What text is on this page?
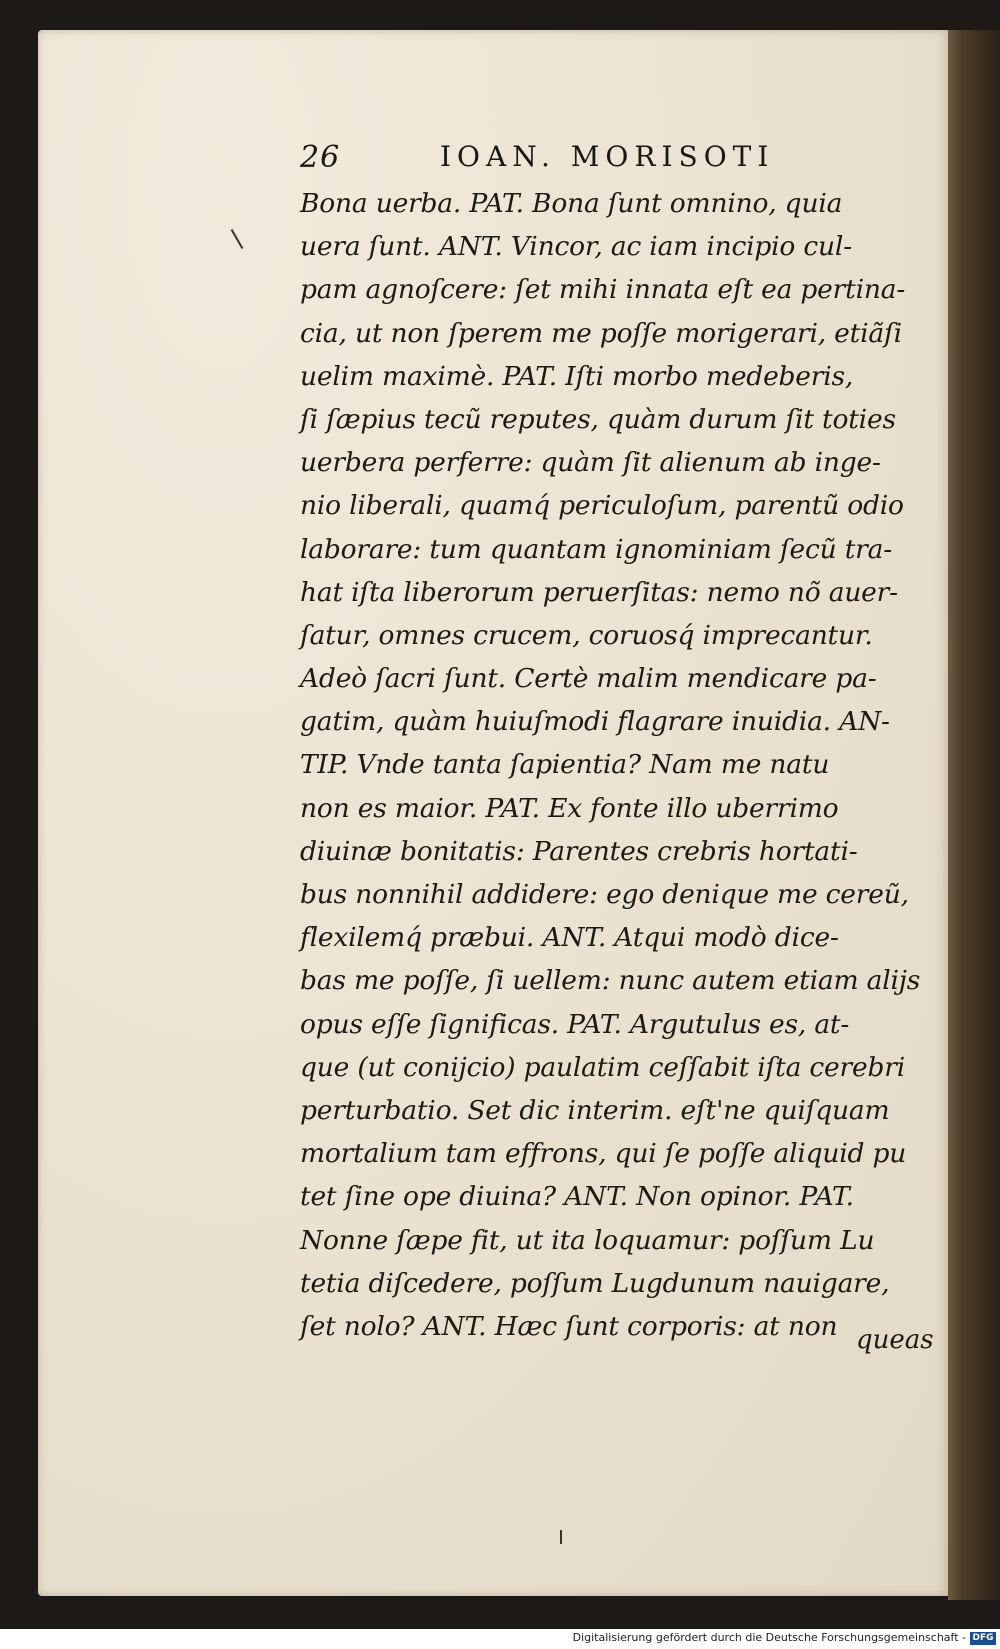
26	IOAN. MORISOTI
Bona uerba. PAT. Bona ſunt omnino, quia
uera ſunt. ANT. Vincor, ac iam incipio cul-
pam agnoſcere: ſet mihi innata eſt ea pertina-
cia, ut non ſperem me poſſe morigerari, etiãſi
uelim maximè. PAT. Iſti morbo medeberis,
ſi ſæpius tecũ reputes, quàm durum ſit toties
uerbera perferre: quàm ſit alienum ab inge-
nio liberali, quamq́ periculoſum, parentũ odio
laborare: tum quantam ignominiam ſecũ tra-
hat iſta liberorum peruerſitas: nemo nõ auer-
ſatur, omnes crucem, coruosq́ imprecantur.
Adeò ſacri ſunt. Certè malim mendicare pa-
gatim, quàm huiuſmodi flagrare inuidia. AN-
TIP. Vnde tanta ſapientia? Nam me natu
non es maior. PAT. Ex fonte illo uberrimo
diuinæ bonitatis: Parentes crebris hortati-
bus nonnihil addidere: ego denique me cereũ,
flexilemq́ præbui. ANT. Atqui modò dice-
bas me poſſe, ſi uellem: nunc autem etiam alijs
opus eſſe ſignificas. PAT. Argutulus es, at-
que (ut conijcio) paulatim ceſſabit iſta cerebri
perturbatio. Set dic interim. eſt'ne quiſquam
mortalium tam effrons, qui ſe poſſe aliquid pu
tet ſine ope diuina? ANT. Non opinor. PAT.
Nonne ſæpe fit, ut ita loquamur: poſſum Lu
tetia diſcedere, poſſum Lugdunum nauigare,
ſet nolo? ANT. Hæc ſunt corporis: at non queas
Digitalisierung gefördert durch die Deutsche Forschungsgemeinschaft - DFG
